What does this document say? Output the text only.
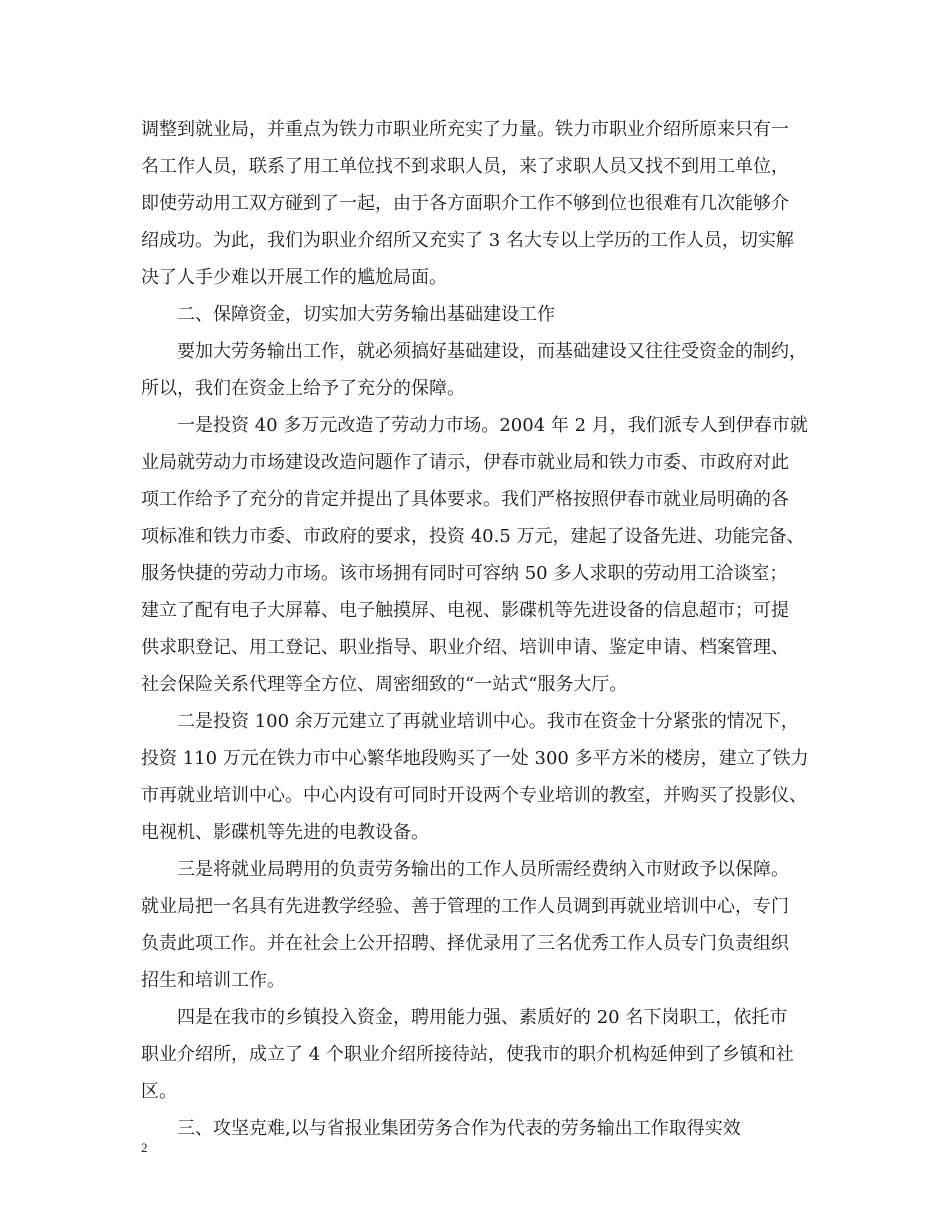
调整到就业局，并重点为铁力市职业所充实了力量。铁力市职业介绍所原来只有一
名工作人员，联系了用工单位找不到求职人员，来了求职人员又找不到用工单位，
即使劳动用工双方碰到了一起，由于各方面职介工作不够到位也很难有几次能够介
绍成功。为此，我们为职业介绍所又充实了 3 名大专以上学历的工作人员，切实解
决了人手少难以开展工作的尴尬局面。
二、保障资金，切实加大劳务输出基础建设工作
要加大劳务输出工作，就必须搞好基础建设，而基础建设又往往受资金的制约，
所以，我们在资金上给予了充分的保障。
一是投资 40 多万元改造了劳动力市场。2004 年 2 月，我们派专人到伊春市就
业局就劳动力市场建设改造问题作了请示，伊春市就业局和铁力市委、市政府对此
项工作给予了充分的肯定并提出了具体要求。我们严格按照伊春市就业局明确的各
项标准和铁力市委、市政府的要求，投资 40.5 万元，建起了设备先进、功能完备、
服务快捷的劳动力市场。该市场拥有同时可容纳 50 多人求职的劳动用工洽谈室；
建立了配有电子大屏幕、电子触摸屏、电视、影碟机等先进设备的信息超市；可提
供求职登记、用工登记、职业指导、职业介绍、培训申请、鉴定申请、档案管理、
社会保险关系代理等全方位、周密细致的“一站式“服务大厅。
二是投资 100 余万元建立了再就业培训中心。我市在资金十分紧张的情况下，
投资 110 万元在铁力市中心繁华地段购买了一处 300 多平方米的楼房，建立了铁力
市再就业培训中心。中心内设有可同时开设两个专业培训的教室，并购买了投影仪、
电视机、影碟机等先进的电教设备。
三是将就业局聘用的负责劳务输出的工作人员所需经费纳入市财政予以保障。
就业局把一名具有先进教学经验、善于管理的工作人员调到再就业培训中心，专门
负责此项工作。并在社会上公开招聘、择优录用了三名优秀工作人员专门负责组织
招生和培训工作。
四是在我市的乡镇投入资金，聘用能力强、素质好的 20 名下岗职工，依托市
职业介绍所，成立了 4 个职业介绍所接待站，使我市的职介机构延伸到了乡镇和社
区。
三、攻坚克难,以与省报业集团劳务合作为代表的劳务输出工作取得实效
2
